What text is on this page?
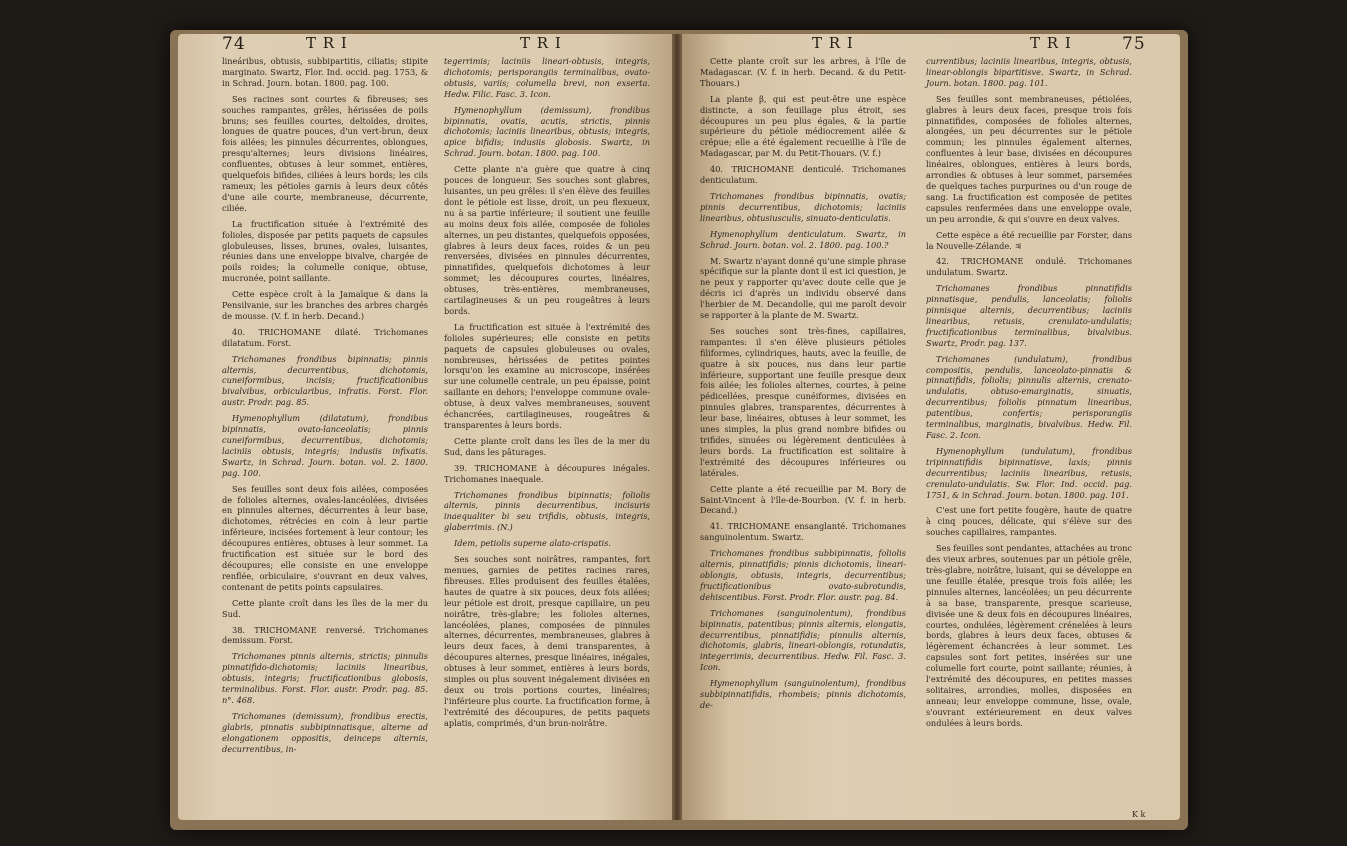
74	T R I	T R I	T R I	T R I	75

lineáribus, obtusis, subbipartitis, ciliatis; stipite marginato. Swartz, Flor. Ind. occid. pag. 1753, & in Schrad. Journ. botan. 1800. pag. 100.

Ses racines sont courtes & fibreuses; ses souches rampantes, grêles, hérissées de poils bruns; ses feuilles courtes, deltoïdes, droites, longues de quatre pouces, d'un vert-brun, deux fois ailées; les pinnules décurrentes, oblongues, presqu'alternes; leurs divisions linéaires, confluentes, obtuses à leur sommet, entières, quelquefois bifides, ciliées à leurs bords; les cils rameux; les pétioles garnis à leurs deux côtés d'une aile courte, membraneuse, décurrente, ciliée.

La fructification située à l'extrémité des folioles, disposée par petits paquets de capsules globuleuses, lisses, brunes, ovales, luisantes, réunies dans une enveloppe bivalve, chargée de poils roides; la columelle conique, obtuse, mucronée, point saillante.

Cette espèce croît à la Jamaïque & dans la Pensilvanie, sur les branches des arbres chargés de mousse. (V. f. in herb. Decand.)

40. TRICHOMANE dilaté. Trichomanes dilatatum. Forst.

Trichomanes frondibus bipinnatis; pinnis alternis, decurrentibus, dichotomis, cuneiformibus, incisis; fructificationibus bivalvibus, orbicularibus, infratis. Forst. Flor. austr. Prodr. pag. 85.

Hymenophyllum (dilatatum), frondibus bipinnatis, ovato-lanceolatis; pinnis cuneiformibus, decurrentibus, dichotomis; laciniis obtusis, integris; indusiis infixatis. Swartz, in Schrad. Journ. botan. vol. 2. 1800. pag. 100.

Ses feuilles sont deux fois ailées, composées de folioles alternes, ovales-lancéolées, divisées en pinnules alternes, décurrentes à leur base, dichotomes, rétrécies en coin à leur partie inférieure, incisées fortement à leur contour; les découpures entières, obtuses à leur sommet. La fructification est située sur le bord des découpures; elle consiste en une enveloppe renflée, orbiculaire, s'ouvrant en deux valves, contenant de petits points capsulaires.

Cette plante croît dans les îles de la mer du Sud.

38. TRICHOMANE renversé. Trichomanes demissum. Forst.

Trichomanes pinnis alternis, strictis; pinnulis pinnatifido-dichotomis; laciniis linearibus, obtusis, integris; fructificationibus globosis, terminalibus. Forst. Flor. austr. Prodr. pag. 85. n°. 468.

Trichomanes (demissum), frondibus erectis, glabris, pinnatis subbipinnatisque, alterne ad elongationem oppositis, deinceps alternis, decurrentibus, in-

tegerrimis; laciniis lineari-obtusis, integris, dichotomis; perisporangiis terminalibus, ovato-obtusis, variis; columella brevi, non exserta. Hedw. Filic. Fasc. 3. Icon.

Hymenophyllum (demissum), frondibus bipinnatis, ovatis, acutis, strictis, pinnis dichotomis; laciniis linearibus, obtusis; integris, apice bifidis; indusiis globosis. Swartz, in Schrad. Journ. botan. 1800. pag. 100.

Cette plante n'a guère que quatre à cinq pouces de longueur. Ses souches sont glabres, luisantes, un peu grêles: il s'en élève des feuilles dont le pétiole est lisse, droit, un peu flexueux, nu à sa partie inférieure; il soutient une feuille au moins deux fois ailée, composée de folioles alternes, un peu distantes, quelquefois opposées, glabres à leurs deux faces, roides & un peu renversées, divisées en pinnules décurrentes, pinnatifides, quelquefois dichotomes à leur sommet; les découpures courtes, linéaires, obtuses, très-entières, membraneuses, cartilagineuses & un peu rougeâtres à leurs bords.

La fructification est située à l'extrémité des folioles supérieures; elle consiste en petits paquets de capsules globuleuses ou ovales, nombreuses, hérissées de petites pointes lorsqu'on les examine au microscope, insérées sur une columelle centrale, un peu épaisse, point saillante en dehors; l'enveloppe commune ovale-obtuse, à deux valves membraneuses, souvent échancrées, cartilagineuses, rougeâtres & transparentes à leurs bords.

Cette plante croît dans les îles de la mer du Sud, dans les pâturages.

39. TRICHOMANE à découpures inégales. Trichomanes inaequale.

Trichomanes frondibus bipinnatis; foliolis alternis, pinnis decurrentibus, incisuris inaequaliter bi seu trifidis, obtusis, integris, glaberrimis. (N.)

Idem, petiolis superne alato-crispatis.

Ses souches sont noirâtres, rampantes, fort menues, garnies de petites racines rares, fibreuses. Elles produisent des feuilles étalées, hautes de quatre à six pouces, deux fois ailées; leur pétiole est droit, presque capillaire, un peu noirâtre, très-glabre; les folioles alternes, lancéolées, planes, composées de pinnules alternes, décurrentes, membraneuses, glabres à leurs deux faces, à demi transparentes, à découpures alternes, presque linéaires, inégales, obtuses à leur sommet, entières à leurs bords, simples ou plus souvent inégalement divisées en deux ou trois portions courtes, linéaires; l'inférieure plus courte. La fructification forme, à l'extrémité des découpures, de petits paquets aplatis, comprimés, d'un brun-noirâtre.

Cette plante croît sur les arbres, à l'île de Madagascar. (V. f. in herb. Decand. & du Petit-Thouars.)

La plante β, qui est peut-être une espèce distincte, a son feuillage plus étroit, ses découpures un peu plus égales, & la partie supérieure du pétiole médiocrement ailée & crépue; elle a été également recueillie à l'île de Madagascar, par M. du Petit-Thouars. (V. f.)

40. TRICHOMANE denticulé. Trichomanes denticulatum.

Trichomanes frondibus bipinnatis, ovatis; pinnis decurrentibus, dichotomis; laciniis linearibus, obtusiusculis, sinuato-denticulatis.

Hymenophyllum denticulatum. Swartz, in Schrad. Journ. botan. vol. 2. 1800. pag. 100.?

M. Swartz n'ayant donné qu'une simple phrase spécifique sur la plante dont il est ici question, je ne peux y rapporter qu'avec doute celle que je décris ici d'après un individu observé dans l'herbier de M. Decandolle, qui me paroît devoir se rapporter à la plante de M. Swartz.

Ses souches sont très-fines, capillaires, rampantes: il s'en élève plusieurs pétioles filiformes, cylindriques, hauts, avec la feuille, de quatre à six pouces, nus dans leur partie inférieure, supportant une feuille presque deux fois ailée; les folioles alternes, courtes, à peine pédicellées, presque cunéiformes, divisées en pinnules glabres, transparentes, décurrentes à leur base, linéaires, obtuses à leur sommet, les unes simples, la plus grand nombre bifides ou trifides, sinuées ou légèrement denticulées à leurs bords. La fructification est solitaire à l'extrémité des découpures inférieures ou latérales.

Cette plante a été recueillie par M. Bory de Saint-Vincent à l'île-de-Bourbon. (V. f. in herb. Decand.)

41. TRICHOMANE ensanglanté. Trichomanes sanguinolentum. Swartz.

Trichomanes frondibus subbipinnatis, foliolis alternis, pinnatifidis; pinnis dichotomis, lineari-oblongis, obtusis, integris, decurrentibus; fructificationibus ovato-subrotundis, dehiscentibus. Forst. Prodr. Flor. austr. pag. 84.

Trichomanes (sanguinolentum), frondibus bipinnatis, patentibus; pinnis alternis, elongatis, decurrentibus, pinnatifidis; pinnulis alternis, dichotomis, glabris, lineari-oblongis, rotundatis, integerrimis, decurrentibus. Hedw. Fil. Fasc. 3. Icon.

Hymenophyllum (sanguinolentum), frondibus subbipinnatifidis, rhombeis; pinnis dichotomis, de-

currentibus; laciniis linearibus, integris, obtusis, linear-oblongis bipartitisve. Swartz, in Schrad. Journ. botan. 1800. pag. 101.

Ses feuilles sont membraneuses, pétiolées, glabres à leurs deux faces, presque trois fois pinnatifides, composées de folioles alternes, alongées, un peu décurrentes sur le pétiole commun; les pinnules également alternes, confluentes à leur base, divisées en découpures linéaires, oblongues, entières à leurs bords, arrondies & obtuses à leur sommet, parsemées de quelques taches purpurines ou d'un rouge de sang. La fructification est composée de petites capsules renfermées dans une enveloppe ovale, un peu arrondie, & qui s'ouvre en deux valves.

Cette espèce a été recueillie par Forster, dans la Nouvelle-Zélande. ♃

42. TRICHOMANE ondulé. Trichomanes undulatum. Swartz.

Trichomanes frondibus pinnatifidis pinnatisque, pendulis, lanceolatis; foliolis pinnisque alternis, decurrentibus; laciniis linearibus, retusis, crenulato-undulatis; fructificationibus terminalibus, bivalvibus. Swartz, Prodr. pag. 137.

Trichomanes (undulatum), frondibus compositis, pendulis, lanceolato-pinnatis & pinnatifidis, foliolis; pinnulis alternis, crenato-undulatis, obtuso-emarginatis, sinuatis, decurrentibus; foliolis pinnatum linearibus, patentibus, confertis; perisporangiis terminalibus, marginatis, bivalvibus. Hedw. Fil. Fasc. 2. Icon.

Hymenophyllum (undulatum), frondibus tripinnatifidis bipinnatisve, laxis; pinnis decurrentibus; laciniis linearibus, retusis, crenulato-undulatis. Sw. Flor. Ind. occid. pag. 1751, & in Schrad. Journ. botan. 1800. pag. 101.

C'est une fort petite fougère, haute de quatre à cinq pouces, délicate, qui s'élève sur des souches capillaires, rampantes.

Ses feuilles sont pendantes, attachées au tronc des vieux arbres, soutenues par un pétiole grêle, très-glabre, noirâtre, luisant, qui se développe en une feuille étalée, presque trois fois ailée; les pinnules alternes, lancéolées; un peu décurrente à sa base, transparente, presque scarieuse, divisée une & deux fois en découpures linéaires, courtes, ondulées, légèrement crénelées à leurs bords, glabres à leurs deux faces, obtuses & légèrement échancrées à leur sommet. Les capsules sont fort petites, insérées sur une columelle fort courte, point saillante; réunies, à l'extrémité des découpures, en petites masses solitaires, arrondies, molles, disposées en anneau; leur enveloppe commune, lisse, ovale, s'ouvrant extérieurement en deux valves ondulées à leurs bords.

K k
